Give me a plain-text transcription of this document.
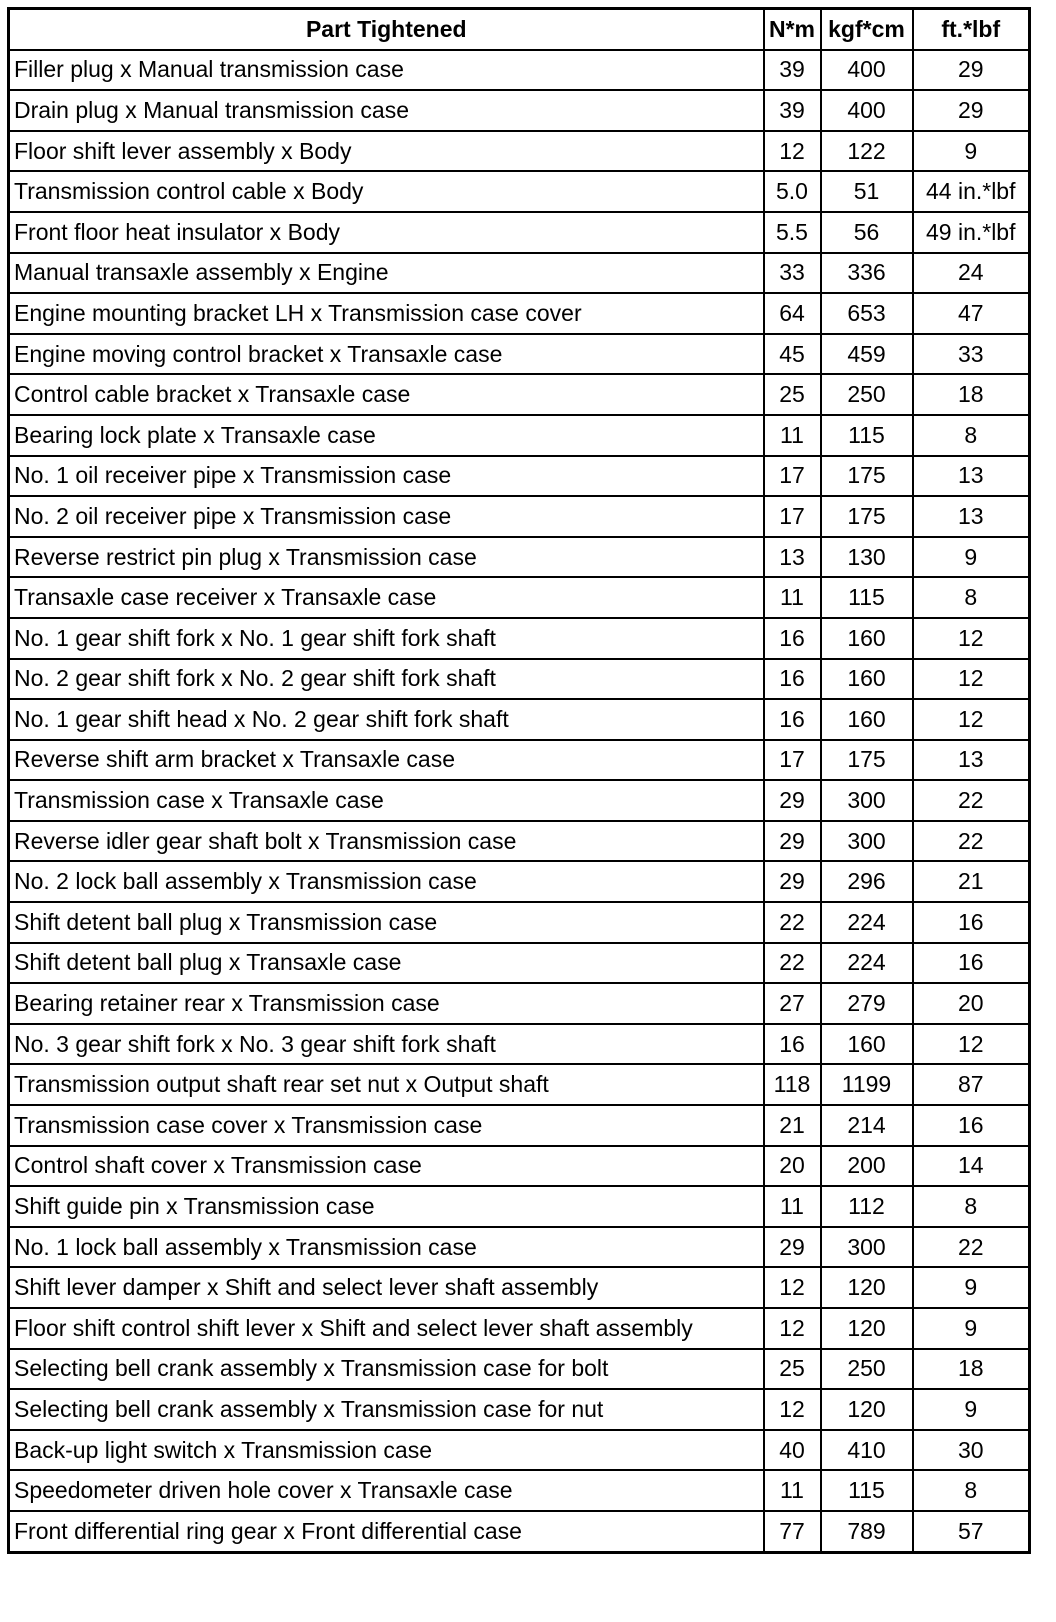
Part Tightened	N*m	kgf*cm	ft.*lbf
Filler plug x Manual transmission case	39	400	29
Drain plug x Manual transmission case	39	400	29
Floor shift lever assembly x Body	12	122	9
Transmission control cable x Body	5.0	51	44 in.*lbf
Front floor heat insulator x Body	5.5	56	49 in.*lbf
Manual transaxle assembly x Engine	33	336	24
Engine mounting bracket LH x Transmission case cover	64	653	47
Engine moving control bracket x Transaxle case	45	459	33
Control cable bracket x Transaxle case	25	250	18
Bearing lock plate x Transaxle case	11	115	8
No. 1 oil receiver pipe x Transmission case	17	175	13
No. 2 oil receiver pipe x Transmission case	17	175	13
Reverse restrict pin plug x Transmission case	13	130	9
Transaxle case receiver x Transaxle case	11	115	8
No. 1 gear shift fork x No. 1 gear shift fork shaft	16	160	12
No. 2 gear shift fork x No. 2 gear shift fork shaft	16	160	12
No. 1 gear shift head x No. 2 gear shift fork shaft	16	160	12
Reverse shift arm bracket x Transaxle case	17	175	13
Transmission case x Transaxle case	29	300	22
Reverse idler gear shaft bolt x Transmission case	29	300	22
No. 2 lock ball assembly x Transmission case	29	296	21
Shift detent ball plug x Transmission case	22	224	16
Shift detent ball plug x Transaxle case	22	224	16
Bearing retainer rear x Transmission case	27	279	20
No. 3 gear shift fork x No. 3 gear shift fork shaft	16	160	12
Transmission output shaft rear set nut x Output shaft	118	1199	87
Transmission case cover x Transmission case	21	214	16
Control shaft cover x Transmission case	20	200	14
Shift guide pin x Transmission case	11	112	8
No. 1 lock ball assembly x Transmission case	29	300	22
Shift lever damper x Shift and select lever shaft assembly	12	120	9
Floor shift control shift lever x Shift and select lever shaft assembly	12	120	9
Selecting bell crank assembly x Transmission case for bolt	25	250	18
Selecting bell crank assembly x Transmission case for nut	12	120	9
Back-up light switch x Transmission case	40	410	30
Speedometer driven hole cover x Transaxle case	11	115	8
Front differential ring gear x Front differential case	77	789	57
